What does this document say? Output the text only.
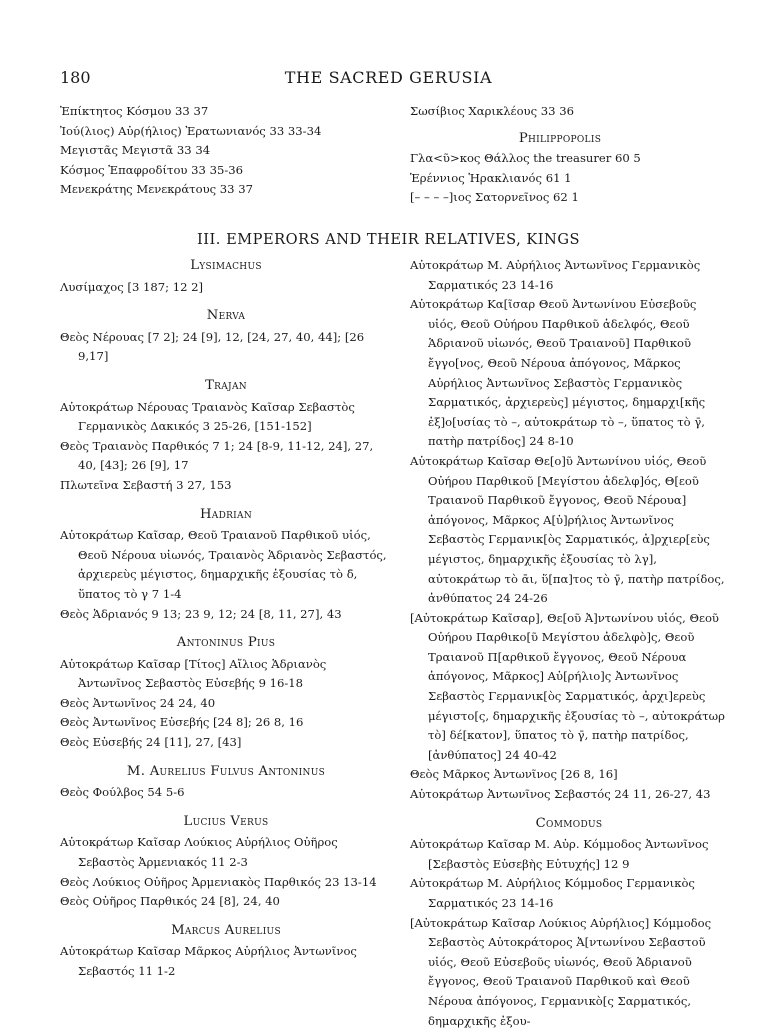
180	THE SACRED GERUSIA
Ἐπίκτητος Κόσμου 33 37
Ἰού(λιος) Αὐρ(ήλιος) Ἐρατωνιανός 33 33-34
Μεγιστᾶς Μεγιστᾶ 33 34
Κόσμος Ἐπαφροδίτου 33 35-36
Μενεκράτης Μενεκράτους 33 37
Σωσίβιος Χαρικλέους 33 36
Philippopolis
Γλα<ῦ>κος Θάλλος the treasurer 60 5
Ἑρέννιος Ἡρακλιανός 61 1
[– – – –]ιος Σατορνεῖνος 62 1
III. EMPERORS AND THEIR RELATIVES, KINGS
Lysimachus
Λυσίμαχος [3 187; 12 2]
Nerva
Θεὸς Νέρουας [7 2]; 24 [9], 12, [24, 27, 40, 44]; [26 9,17]
Trajan
Αὐτοκράτωρ Νέρουας Τραιανὸς Καῖσαρ Σεβαστὸς Γερμανικὸς Δακικός 3 25-26, [151-152]
Θεὸς Τραιανὸς Παρθικός 7 1; 24 [8-9, 11-12, 24], 27, 40, [43]; 26 [9], 17
Πλωτεῖνα Σεβαστή 3 27, 153
Hadrian
Αὐτοκράτωρ Καῖσαρ, Θεοῦ Τραιανοῦ Παρθικοῦ υἱός, Θεοῦ Νέρουα υἱωνός, Τραιανὸς Ἁδριανὸς Σεβαστός, ἀρχιερεὺς μέγιστος, δημαρχικῆς ἐξουσίας τὸ δ̄, ὕπατος τὸ γ 7 1-4
Θεὸς Ἁδριανός 9 13; 23 9, 12; 24 [8, 11, 27], 43
Antoninus Pius
Αὐτοκράτωρ Καῖσαρ [Τίτος] Αἴλιος Ἁδριανὸς Ἀντωνῖνος Σεβαστὸς Εὐσεβής 9 16-18
Θεὸς Ἀντωνῖνος 24 24, 40
Θεὸς Ἀντωνῖνος Εὐσεβής [24 8]; 26 8, 16
Θεὸς Εὐσεβής 24 [11], 27, [43]
M. Aurelius Fulvus Antoninus
Θεὸς Φούλβος 54 5-6
Lucius Verus
Αὐτοκράτωρ Καῖσαρ Λούκιος Αὐρήλιος Οὐῆρος Σεβαστὸς Ἀρμενιακός 11 2-3
Θεὸς Λούκιος Οὐῆρος Ἀρμενιακὸς Παρθικός 23 13-14
Θεὸς Οὐῆρος Παρθικός 24 [8], 24, 40
Marcus Aurelius
Αὐτοκράτωρ Καῖσαρ Μᾶρκος Αὐρήλιος Ἀντωνῖνος Σεβαστός 11 1-2
Αὐτοκράτωρ Μ. Αὐρήλιος Ἀντωνῖνος Γερμανικὸς Σαρματικός 23 14-16
Αὐτοκράτωρ Κα[ῖσαρ Θεοῦ Ἀντωνίνου Εὐσεβοῦς υἱός, Θεοῦ Οὐήρου Παρθικοῦ ἀδελφός, Θεοῦ Ἁδριανοῦ υἱωνός, Θεοῦ Τραιανοῦ] Παρθικοῦ ἔγγο[νος, Θεοῦ Νέρουα ἀπόγονος, Μᾶρκος Αὐρήλιος Ἀντωνῖνος Σεβαστὸς Γερμανικὸς Σαρματικός, ἀρχιερεὺς] μέγιστος, δημαρχι[κῆς ἐξ]ο[υσίας τὸ –, αὐτοκράτωρ τὸ –, ὕπατος τὸ γ̄, πατὴρ πατρίδος] 24 8-10
Αὐτοκράτωρ Καῖσαρ Θε[ο]ῦ Ἀντωνίνου υἱός, Θεοῦ Οὐήρου Παρθικοῦ [Μεγίστου ἀδελφ]ός, Θ[εοῦ Τραιανοῦ Παρθικοῦ ἔγγονος, Θεοῦ Νέρουα] ἀπόγονος, Μᾶρκος Α[ὐ]ρήλιος Ἀντωνῖνος Σεβαστὸς Γερμανικ[ὸς Σαρματικός, ἀ]ρχιερ[εὺς μέγιστος, δημαρχικῆς ἐξουσίας τὸ λγ], αὐτοκράτωρ τὸ ᾱι, ὕ[πα]τος τὸ γ̄, πατὴρ πατρίδος, ἀνθύπατος 24 24-26
[Αὐτοκράτωρ Καῖσαρ], Θε[οῦ Ἀ]ντωνίνου υἱός, Θεοῦ Οὐήρου Παρθικο[ῦ Μεγίστου ἀδελφὸ]ς, Θεοῦ Τραιανοῦ Π[αρθικοῦ ἔγγονος, Θεοῦ Νέρουα ἀπόγονος, Μᾶρκος] Αὐ[ρήλιο]ς Ἀντωνῖνος Σεβαστὸς Γερμανικ[ὸς Σαρματικός, ἀρχι]ερεὺς μέγιστο[ς, δημαρχικῆς ἐξουσίας τὸ –, αὐτοκράτωρ τὸ] δέ[κατον], ὕπατος τὸ γ̄, πατὴρ πατρίδος, [ἀνθύπατος] 24 40-42
Θεὸς Μᾶρκος Ἀντωνῖνος [26 8, 16]
Αὐτοκράτωρ Ἀντωνῖνος Σεβαστός 24 11, 26-27, 43
Commodus
Αὐτοκράτωρ Καῖσαρ Μ. Αὐρ. Κόμμοδος Ἀντωνῖνος [Σεβαστὸς Εὐσεβὴς Εὐτυχής] 12 9
Αὐτοκράτωρ Μ. Αὐρήλιος Κόμμοδος Γερμανικὸς Σαρματικός 23 14-16
[Αὐτοκράτωρ Καῖσαρ Λούκιος Αὐρήλιος] Κόμμοδος Σεβαστὸς Αὐτοκράτορος Ἀ[ντωνίνου Σεβαστοῦ υἱός, Θεοῦ Εὐσεβοῦς υἱωνός, Θεοῦ Ἁδριανοῦ ἔγγονος, Θεοῦ Τραιανοῦ Παρθικοῦ καὶ Θεοῦ Νέρουα ἀπόγονος, Γερμανικὸ[ς Σαρματικός, δημαρχικῆς ἐξου-
